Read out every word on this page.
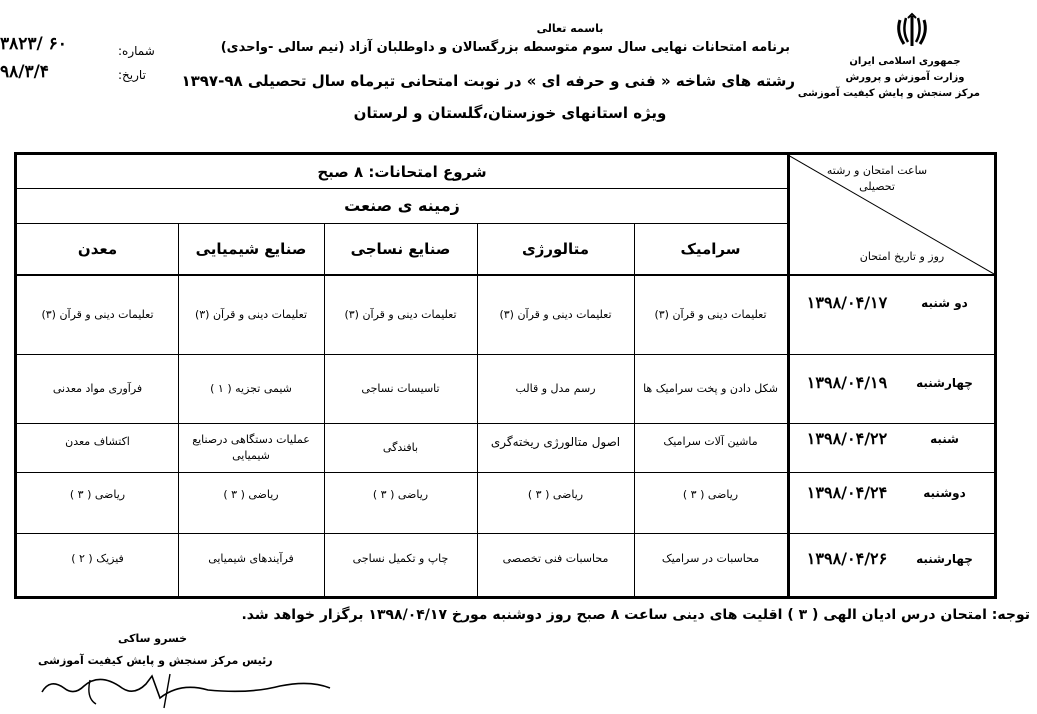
جمهوری اسلامی ایران
وزارت آموزش و پرورش
مرکز سنجش و پایش کیفیت آموزشی
باسمه تعالی
برنامه امتحانات نهایی سال سوم متوسطه بزرگسالان و داوطلبان آزاد (نیم سالی -واحدی)
رشته های شاخه « فنی و حرفه ای » در نوبت امتحانی تیرماه سال تحصیلی ۹۸-۱۳۹۷
ویژه استانهای خوزستان،گلستان و لرستان
شماره:
۳۸۲۳/ ۶۰
تاریخ:
۹۸/۳/۴
شروع امتحانات: ۸ صبح
زمینه ی صنعت
ساعت امتحان و رشته تحصیلی
روز و تاریخ امتحان
سرامیک
متالورژی
صنایع نساجی
صنایع شیمیایی
معدن
دو شنبه
۱۳۹۸/۰۴/۱۷
تعلیمات دینی و قرآن (۳)
تعلیمات دینی و قرآن (۳)
تعلیمات دینی و قرآن (۳)
تعلیمات دینی و قرآن (۳)
تعلیمات دینی و قرآن (۳)
چهارشنبه
۱۳۹۸/۰۴/۱۹
شکل دادن و پخت سرامیک ها
رسم مدل و قالب
تاسیسات نساجی
شیمی تجزیه ( ۱ )
فرآوری مواد معدنی
شنبه
۱۳۹۸/۰۴/۲۲
ماشین آلات سرامیک
اصول متالورژی ریخته‌گری
بافندگی
عملیات دستگاهی درصنایع شیمیایی
اکتشاف معدن
دوشنبه
۱۳۹۸/۰۴/۲۴
ریاضی ( ۳ )
ریاضی ( ۳ )
ریاضی ( ۳ )
ریاضی ( ۳ )
ریاضی ( ۳ )
چهارشنبه
۱۳۹۸/۰۴/۲۶
محاسبات در سرامیک
محاسبات فنی تخصصی
چاپ و تکمیل نساجی
فرآیندهای شیمیایی
فیزیک ( ۲ )
توجه: امتحان درس ادیان الهی ( ۳ ) اقلیت های دینی ساعت ۸ صبح روز دوشنبه مورخ ۱۳۹۸/۰۴/۱۷ برگزار خواهد شد.
خسرو ساکی
رئیس مرکز سنجش و پایش کیفیت آموزشی
